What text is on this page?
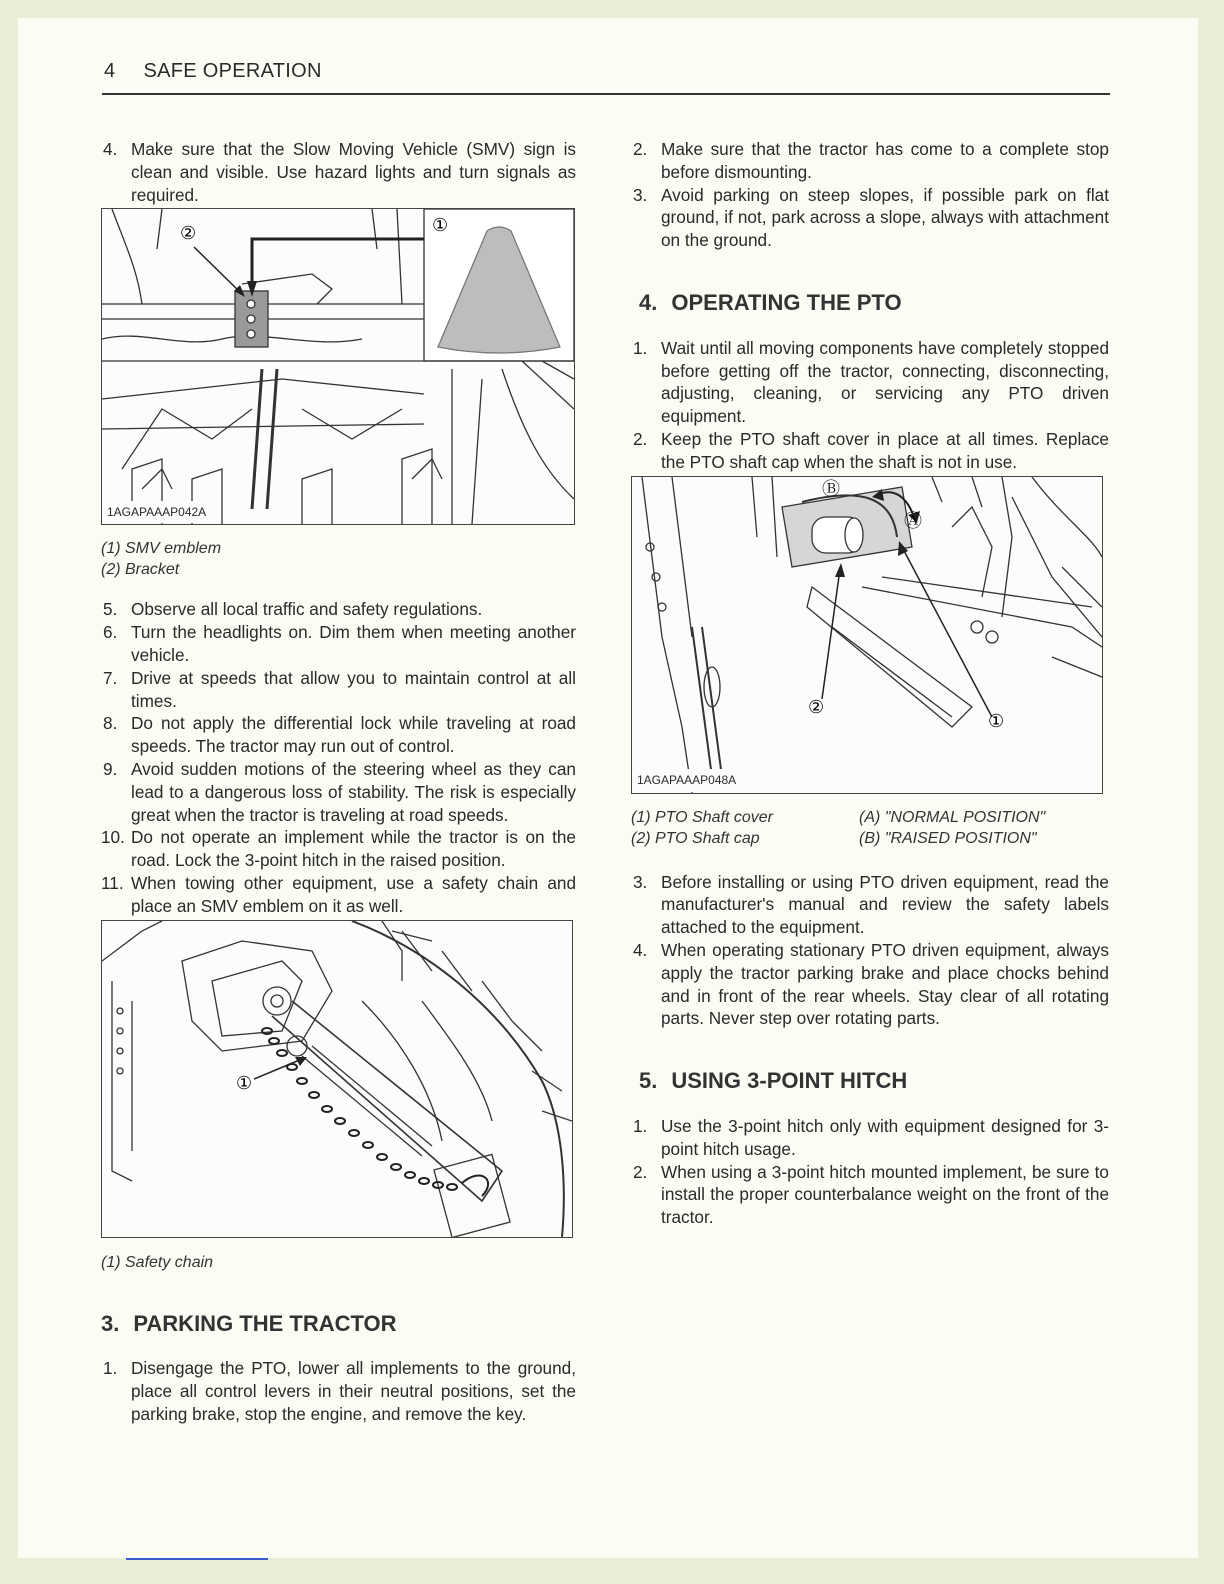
4 SAFE OPERATION
4. Make sure that the Slow Moving Vehicle (SMV) sign is clean and visible. Use hazard lights and turn signals as required.
①
②
1AGAPAAAP042A
(1) SMV emblem
(2) Bracket
5. Observe all local traffic and safety regulations.
6. Turn the headlights on. Dim them when meeting another vehicle.
7. Drive at speeds that allow you to maintain control at all times.
8. Do not apply the differential lock while traveling at road speeds. The tractor may run out of control.
9. Avoid sudden motions of the steering wheel as they can lead to a dangerous loss of stability. The risk is especially great when the tractor is traveling at road speeds.
10. Do not operate an implement while the tractor is on the road. Lock the 3-point hitch in the raised position.
11. When towing other equipment, use a safety chain and place an SMV emblem on it as well.
①
(1) Safety chain
3. PARKING THE TRACTOR
1. Disengage the PTO, lower all implements to the ground, place all control levers in their neutral positions, set the parking brake, stop the engine, and remove the key.
2. Make sure that the tractor has come to a complete stop before dismounting.
3. Avoid parking on steep slopes, if possible park on flat ground, if not, park across a slope, always with attachment on the ground.
4. OPERATING THE PTO
1. Wait until all moving components have completely stopped before getting off the tractor, connecting, disconnecting, adjusting, cleaning, or servicing any PTO driven equipment.
2. Keep the PTO shaft cover in place at all times. Replace the PTO shaft cap when the shaft is not in use.
②
①
Ⓑ
Ⓐ
1AGAPAAAP048A
(1) PTO Shaft cover
(2) PTO Shaft cap
(A) "NORMAL POSITION"
(B) "RAISED POSITION"
3. Before installing or using PTO driven equipment, read the manufacturer's manual and review the safety labels attached to the equipment.
4. When operating stationary PTO driven equipment, always apply the tractor parking brake and place chocks behind and in front of the rear wheels. Stay clear of all rotating parts. Never step over rotating parts.
5. USING 3-POINT HITCH
1. Use the 3-point hitch only with equipment designed for 3-point hitch usage.
2. When using a 3-point hitch mounted implement, be sure to install the proper counterbalance weight on the front of the tractor.
